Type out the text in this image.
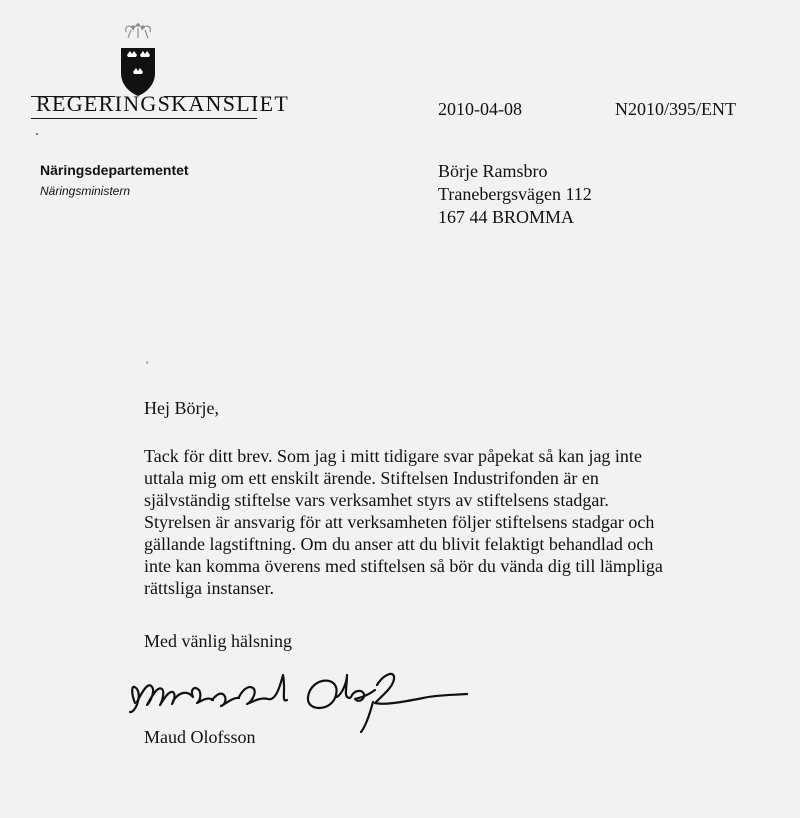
REGERINGSKANSLIET	2010-04-08	N2010/395/ENT
Näringsdepartementet
Näringsministern
Börje Ramsbro
Tranebergsvägen 112
167 44 BROMMA
'
Hej Börje,
Tack för ditt brev. Som jag i mitt tidigare svar påpekat så kan jag inte
uttala mig om ett enskilt ärende. Stiftelsen Industrifonden är en
självständig stiftelse vars verksamhet styrs av stiftelsens stadgar.
Styrelsen är ansvarig för att verksamheten följer stiftelsens stadgar och
gällande lagstiftning. Om du anser att du blivit felaktigt behandlad och
inte kan komma överens med stiftelsen så bör du vända dig till lämpliga
rättsliga instanser.
Med vänlig hälsning
Maud Olofsson
